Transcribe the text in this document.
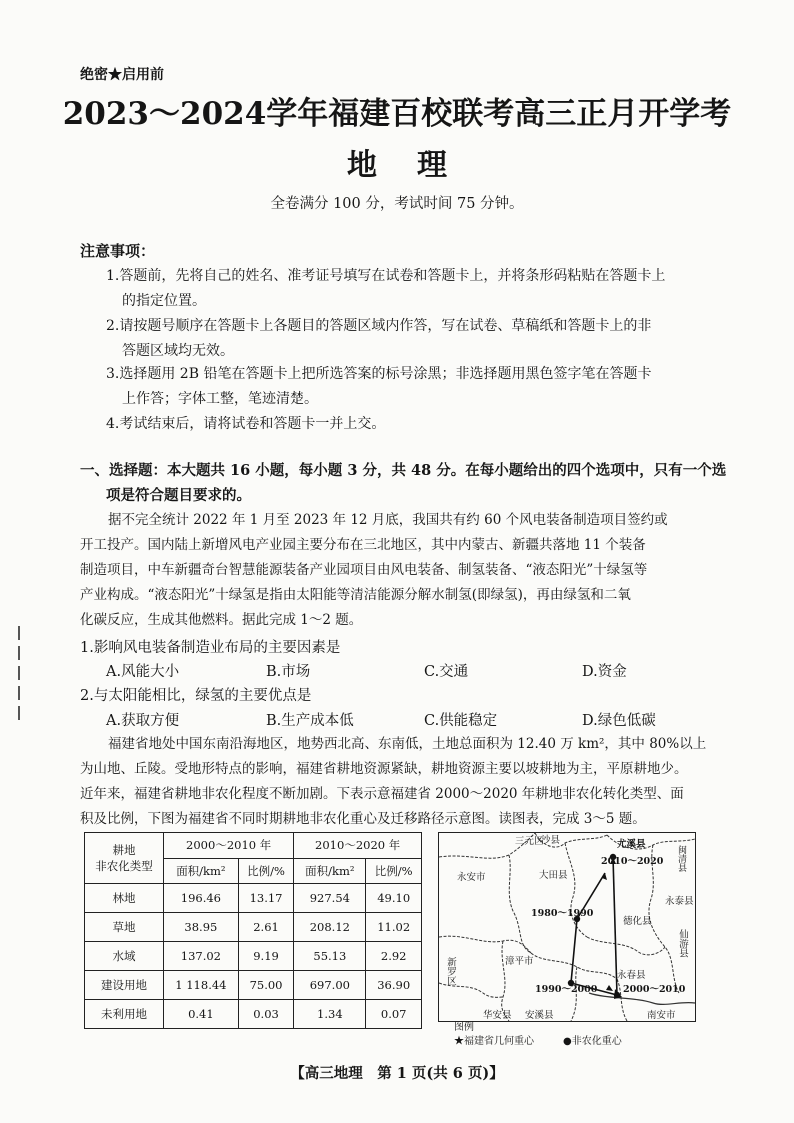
绝密★启用前
2023～2024学年福建百校联考高三正月开学考
地理
全卷满分 100 分，考试时间 75 分钟。
注意事项：
1.答题前，先将自己的姓名、准考证号填写在试卷和答题卡上，并将条形码粘贴在答题卡上
的指定位置。
2.请按题号顺序在答题卡上各题目的答题区域内作答，写在试卷、草稿纸和答题卡上的非
答题区域均无效。
3.选择题用 2B 铅笔在答题卡上把所选答案的标号涂黑；非选择题用黑色签字笔在答题卡
上作答；字体工整，笔迹清楚。
4.考试结束后，请将试卷和答题卡一并上交。
一、选择题：本大题共 16 小题，每小题 3 分，共 48 分。在每小题给出的四个选项中，只有一个选
项是符合题目要求的。
据不完全统计 2022 年 1 月至 2023 年 12 月底，我国共有约 60 个风电装备制造项目签约或
开工投产。国内陆上新增风电产业园主要分布在三北地区，其中内蒙古、新疆共落地 11 个装备
制造项目，中车新疆奇台智慧能源装备产业园项目由风电装备、制氢装备、“液态阳光”十绿氢等
产业构成。“液态阳光”十绿氢是指由太阳能等清洁能源分解水制氢(即绿氢)，再由绿氢和二氧
化碳反应，生成其他燃料。据此完成 1～2 题。
1.影响风电装备制造业布局的主要因素是
A.风能大小	B.市场	C.交通	D.资金
2.与太阳能相比，绿氢的主要优点是
A.获取方便	B.生产成本低	C.供能稳定	D.绿色低碳
福建省地处中国东南沿海地区，地势西北高、东南低，土地总面积为 12.40 万 km²，其中 80%以上
为山地、丘陵。受地形特点的影响，福建省耕地资源紧缺，耕地资源主要以坡耕地为主，平原耕地少。
近年来，福建省耕地非农化程度不断加剧。下表示意福建省 2000～2020 年耕地非农化转化类型、面
积及比例，下图为福建省不同时期耕地非农化重心及迁移路径示意图。读图表，完成 3～5 题。
耕地
非农化类型	2000～2010 年		2010～2020 年	
	面积/km²	比例/%	面积/km²	比例/%
林地	196.46	13.17	927.54	49.10
草地	38.95	2.61	208.12	11.02
水域	137.02	9.19	55.13	2.92
建设用地	1 118.44	75.00	697.00	36.90
未利用地	0.41	0.03	1.34	0.07
三元区
沙县	尤溪县
闽清县
2010～2020
永安市	大田县
永泰县
1980～1990
德化县
仙游县
漳平市
永春县
新罗区
1990～2000	2000～2010
华安县 安溪县	南安市
图例
★福建省几何重心	●非农化重心
【高三地理　第 1 页(共 6 页)】
